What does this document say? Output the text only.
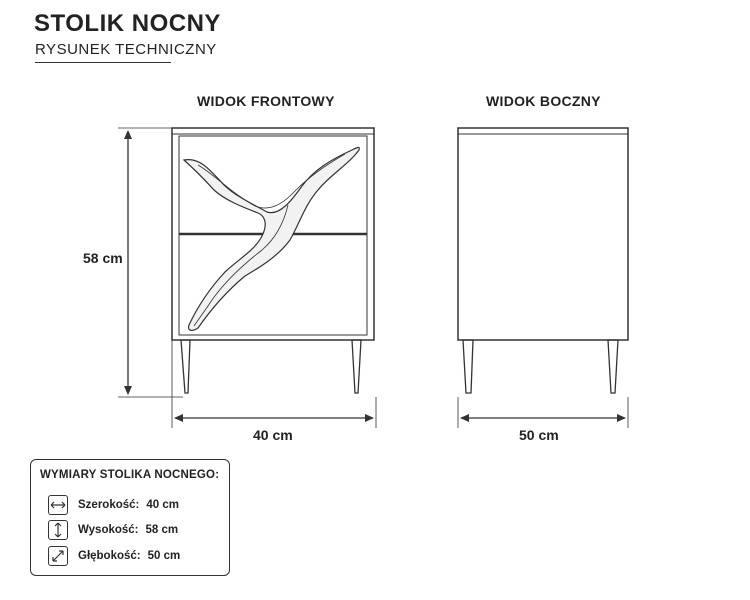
STOLIK NOCNY
RYSUNEK TECHNICZNY
WIDOK FRONTOWY	WIDOK BOCZNY
58 cm
40 cm	50 cm
WYMIARY STOLIKA NOCNEGO:
Szerokość: 40 cm
Wysokość: 58 cm
Głębokość: 50 cm
